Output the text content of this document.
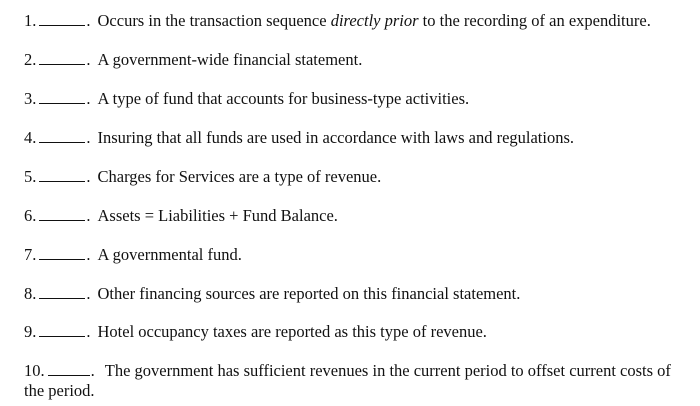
1.	. Occurs in the transaction sequence directly prior to the recording of an expenditure.
2.	. A government-wide financial statement.
3.	. A type of fund that accounts for business-type activities.
4.	. Insuring that all funds are used in accordance with laws and regulations.
5.	. Charges for Services are a type of revenue.
6.	. Assets = Liabilities + Fund Balance.
7.	. A governmental fund.
8.	. Other financing sources are reported on this financial statement.
9.	. Hotel occupancy taxes are reported as this type of revenue.
10.	. The government has sufficient revenues in the current period to offset current costs of the period.
